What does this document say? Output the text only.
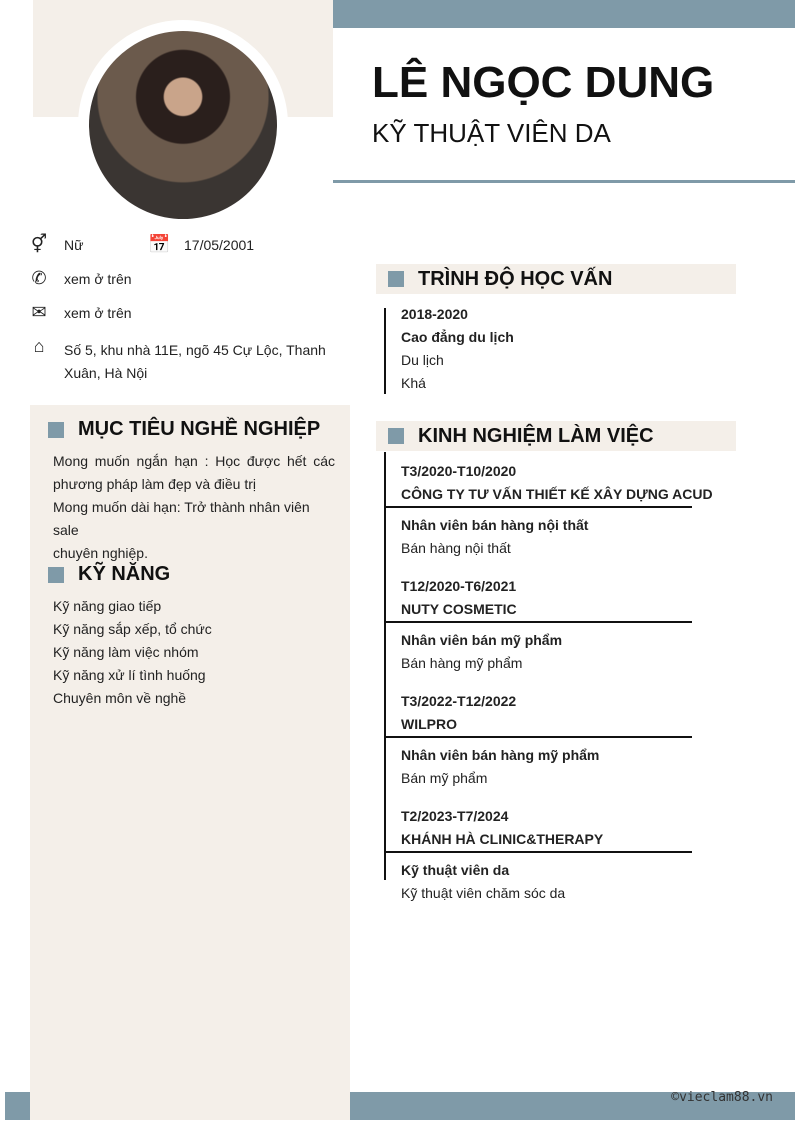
LÊ NGỌC DUNG
KỸ THUẬT VIÊN DA
⚥ Nữ	📅 17/05/2001
✆ xem ở trên
✉ xem ở trên
⌂	Số 5, khu nhà 11E, ngõ 45 Cự Lộc, Thanh
Xuân, Hà Nội
MỤC TIÊU NGHỀ NGHIỆP
Mong muốn ngắn hạn : Học được hết các
phương pháp làm đẹp và điều trị
Mong muốn dài hạn: Trở thành nhân viên sale
chuyên nghiệp.
KỸ NĂNG
Kỹ năng giao tiếp
Kỹ năng sắp xếp, tổ chức
Kỹ năng làm việc nhóm
Kỹ năng xử lí tình huống
Chuyên môn về nghề
TRÌNH ĐỘ HỌC VẤN
2018-2020
Cao đẳng du lịch
Du lịch
Khá
KINH NGHIỆM LÀM VIỆC
T3/2020-T10/2020
CÔNG TY TƯ VẤN THIẾT KẾ XÂY DỰNG ACUD
Nhân viên bán hàng nội thất
Bán hàng nội thất
T12/2020-T6/2021
NUTY COSMETIC
Nhân viên bán mỹ phẩm
Bán hàng mỹ phẩm
T3/2022-T12/2022
WILPRO
Nhân viên bán hàng mỹ phẩm
Bán mỹ phẩm
T2/2023-T7/2024
KHÁNH HÀ CLINIC&THERAPY
Kỹ thuật viên da
Kỹ thuật viên chăm sóc da
©vieclam88.vn
